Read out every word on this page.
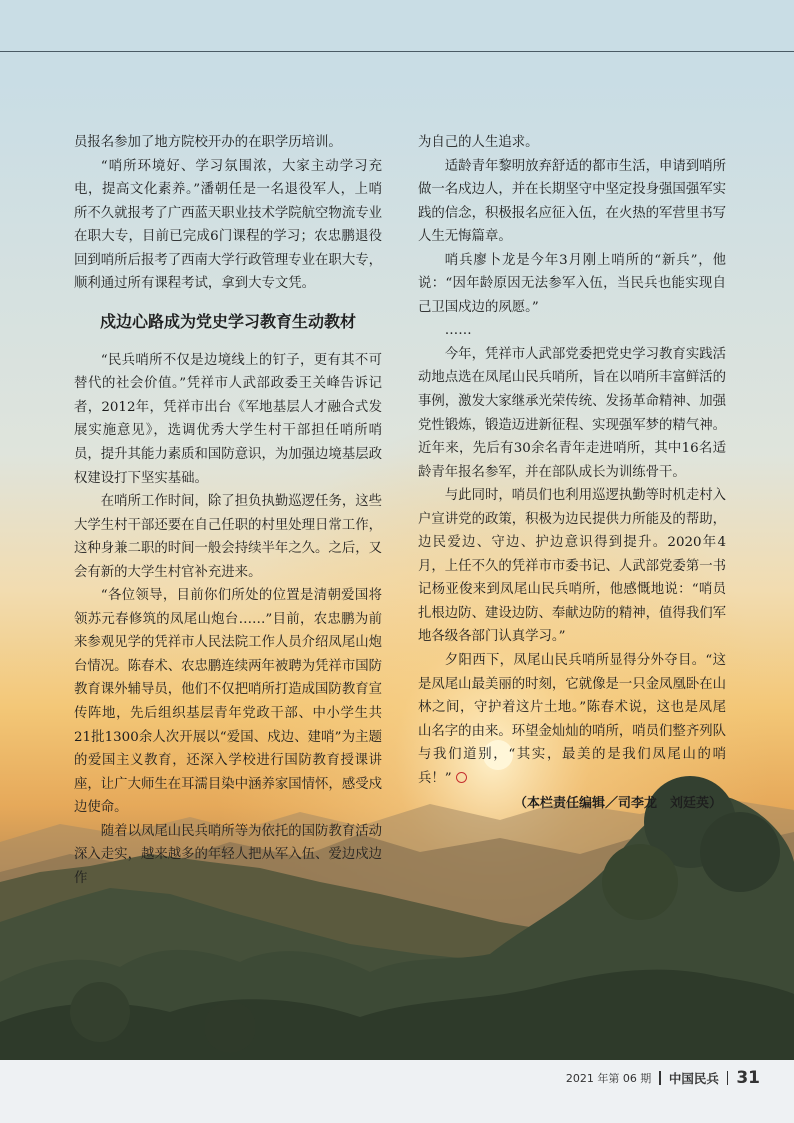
员报名参加了地方院校开办的在职学历培训。

“哨所环境好、学习氛围浓，大家主动学习充电，提高文化素养。”潘朝任是一名退役军人，上哨所不久就报考了广西蓝天职业技术学院航空物流专业在职大专，目前已完成6门课程的学习；农忠鹏退役回到哨所后报考了西南大学行政管理专业在职大专，顺利通过所有课程考试，拿到大专文凭。

戍边心路成为党史学习教育生动教材

“民兵哨所不仅是边境线上的钉子，更有其不可替代的社会价值。”凭祥市人武部政委王关峰告诉记者，2012年，凭祥市出台《军地基层人才融合式发展实施意见》，选调优秀大学生村干部担任哨所哨员，提升其能力素质和国防意识，为加强边境基层政权建设打下坚实基础。

在哨所工作时间，除了担负执勤巡逻任务，这些大学生村干部还要在自己任职的村里处理日常工作，这种身兼二职的时间一般会持续半年之久。之后，又会有新的大学生村官补充进来。

“各位领导，目前你们所处的位置是清朝爱国将领苏元春修筑的凤尾山炮台……”目前，农忠鹏为前来参观见学的凭祥市人民法院工作人员介绍凤尾山炮台情况。陈春术、农忠鹏连续两年被聘为凭祥市国防教育课外辅导员，他们不仅把哨所打造成国防教育宣传阵地，先后组织基层青年党政干部、中小学生共21批1300余人次开展以“爱国、戍边、建哨”为主题的爱国主义教育，还深入学校进行国防教育授课讲座，让广大师生在耳濡目染中涵养家国情怀，感受戍边使命。

随着以凤尾山民兵哨所等为依托的国防教育活动深入走实，越来越多的年轻人把从军入伍、爱边戍边作

为自己的人生追求。

适龄青年黎明放弃舒适的都市生活，申请到哨所做一名戍边人，并在长期坚守中坚定投身强国强军实践的信念，积极报名应征入伍，在火热的军营里书写人生无悔篇章。

哨兵廖卜龙是今年3月刚上哨所的“新兵”，他说：“因年龄原因无法参军入伍，当民兵也能实现自己卫国戍边的夙愿。”

……

今年，凭祥市人武部党委把党史学习教育实践活动地点选在凤尾山民兵哨所，旨在以哨所丰富鲜活的事例，激发大家继承光荣传统、发扬革命精神、加强党性锻炼，锻造迈进新征程、实现强军梦的精气神。近年来，先后有30余名青年走进哨所，其中16名适龄青年报名参军，并在部队成长为训练骨干。

与此同时，哨员们也利用巡逻执勤等时机走村入户宣讲党的政策，积极为边民提供力所能及的帮助，边民爱边、守边、护边意识得到提升。2020年4月，上任不久的凭祥市市委书记、人武部党委第一书记杨亚俊来到凤尾山民兵哨所，他感慨地说：“哨员扎根边防、建设边防、奉献边防的精神，值得我们军地各级各部门认真学习。”

夕阳西下，凤尾山民兵哨所显得分外夺目。“这是凤尾山最美丽的时刻，它就像是一只金凤凰卧在山林之间，守护着这片土地。”陈春术说，这也是凤尾山名字的由来。环望金灿灿的哨所，哨员们整齐列队与我们道别，“其实，最美的是我们凤尾山的哨兵！”

（本栏责任编辑／司李龙　刘廷英）
2021 年第 06 期 中国民兵 31
